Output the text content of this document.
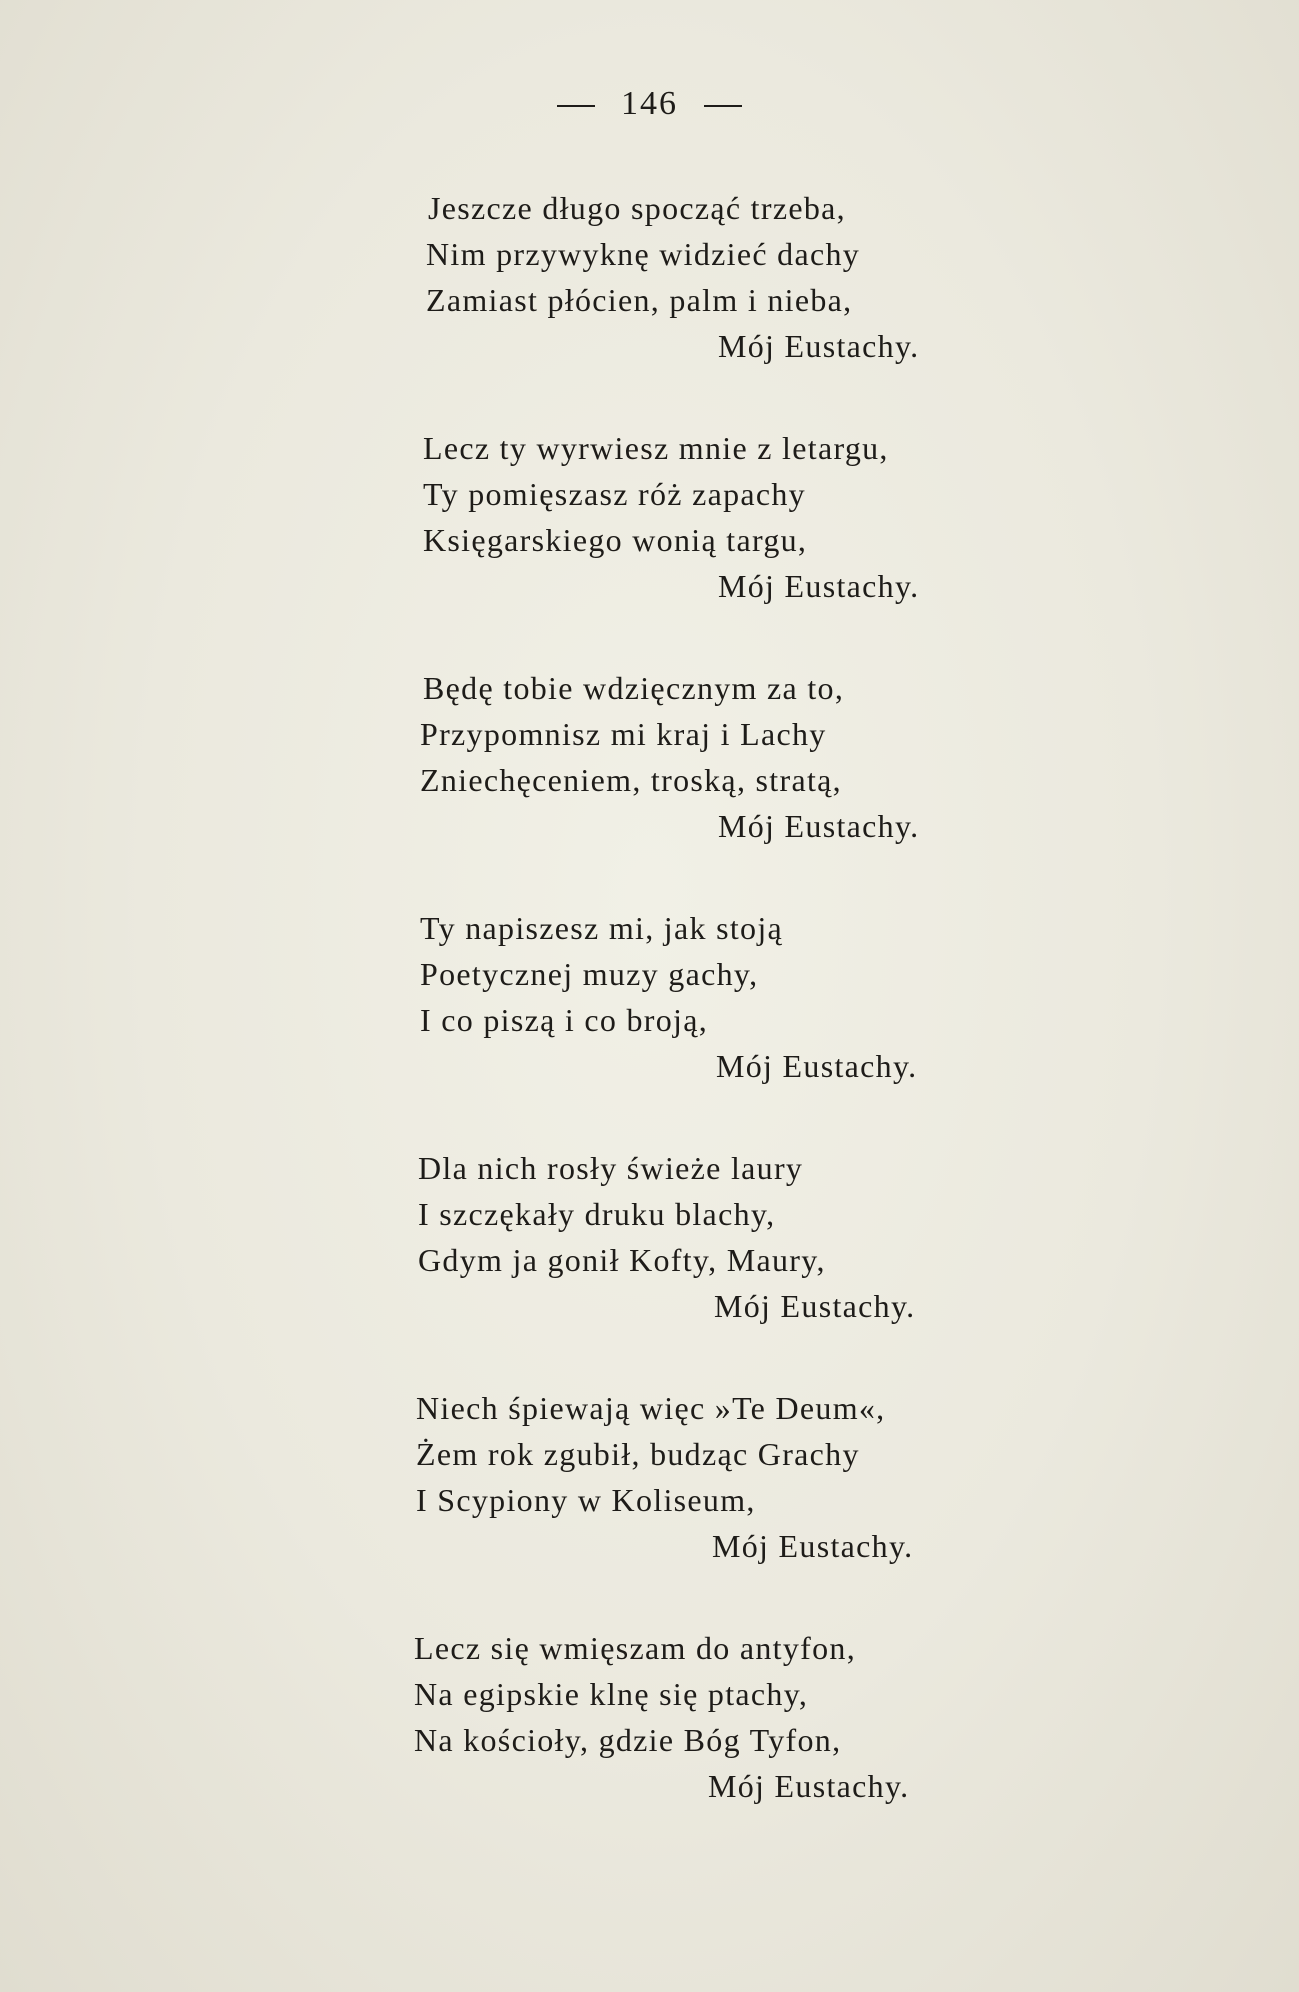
146
Jeszcze długo spocząć trzeba,
Nim przywyknę widzieć dachy
Zamiast płócien, palm i nieba,
Mój Eustachy.
Lecz ty wyrwiesz mnie z letargu,
Ty pomięszasz róż zapachy
Księgarskiego wonią targu,
Mój Eustachy.
Będę tobie wdzięcznym za to,
Przypomnisz mi kraj i Lachy
Zniechęceniem, troską, stratą,
Mój Eustachy.
Ty napiszesz mi, jak stoją
Poetycznej muzy gachy,
I co piszą i co broją,
Mój Eustachy.
Dla nich rosły świeże laury
I szczękały druku blachy,
Gdym ja gonił Kofty, Maury,
Mój Eustachy.
Niech śpiewają więc »Te Deum«,
Żem rok zgubił, budząc Grachy
I Scypiony w Koliseum,
Mój Eustachy.
Lecz się wmięszam do antyfon,
Na egipskie klnę się ptachy,
Na kościoły, gdzie Bóg Tyfon,
Mój Eustachy.
